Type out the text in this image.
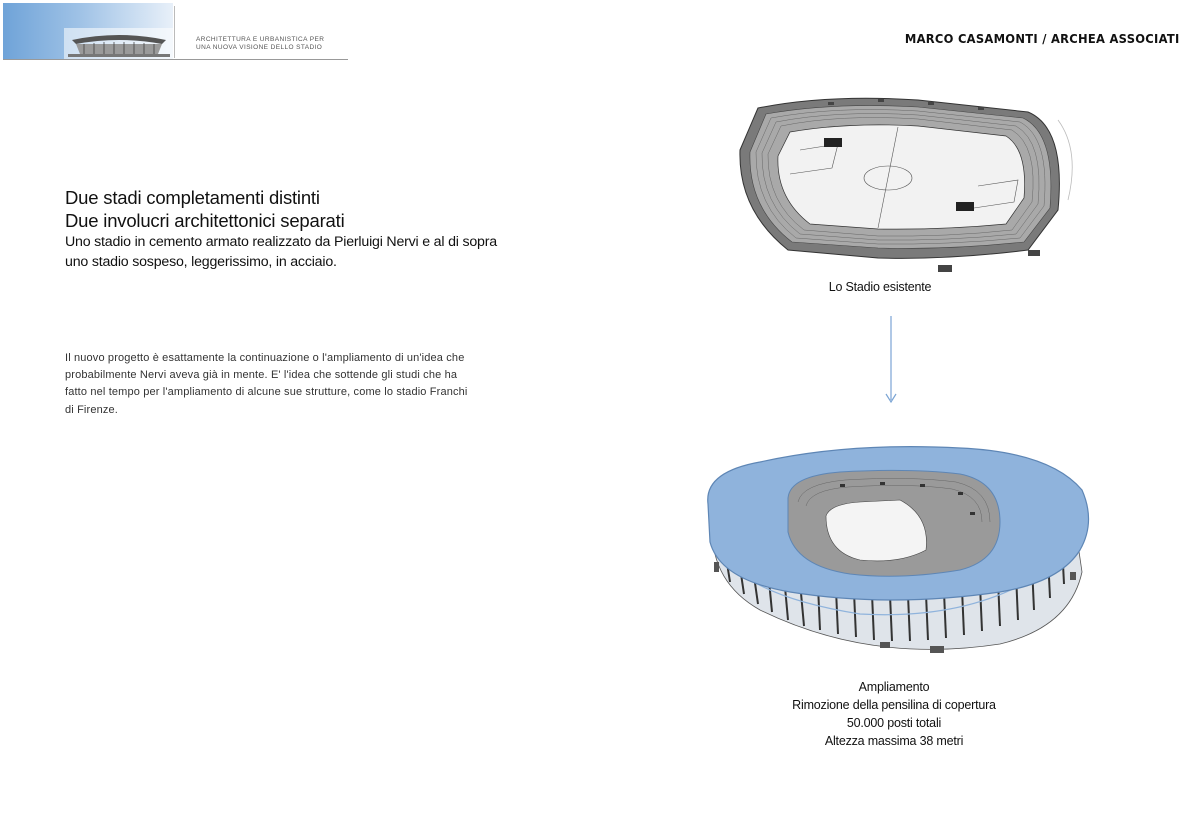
ARCHITETTURA E URBANISTICA PER
UNA NUOVA VISIONE DELLO STADIO
MARCO CASAMONTI / ARCHEA ASSOCIATI
Due stadi completamenti distinti
Due involucri architettonici separati

Uno stadio in cemento armato realizzato da Pierluigi Nervi e al di sopra

uno stadio sospeso, leggerissimo, in acciaio.

Il nuovo progetto è esattamente la continuazione o l'ampliamento di un'idea che
probabilmente Nervi aveva già in mente. E' l'idea che sottende gli studi che ha
fatto nel tempo per l'ampliamento di alcune sue strutture, come lo stadio Franchi
di Firenze.
Lo Stadio esistente
Ampliamento
Rimozione della pensilina di copertura
50.000 posti totali
Altezza massima 38 metri
